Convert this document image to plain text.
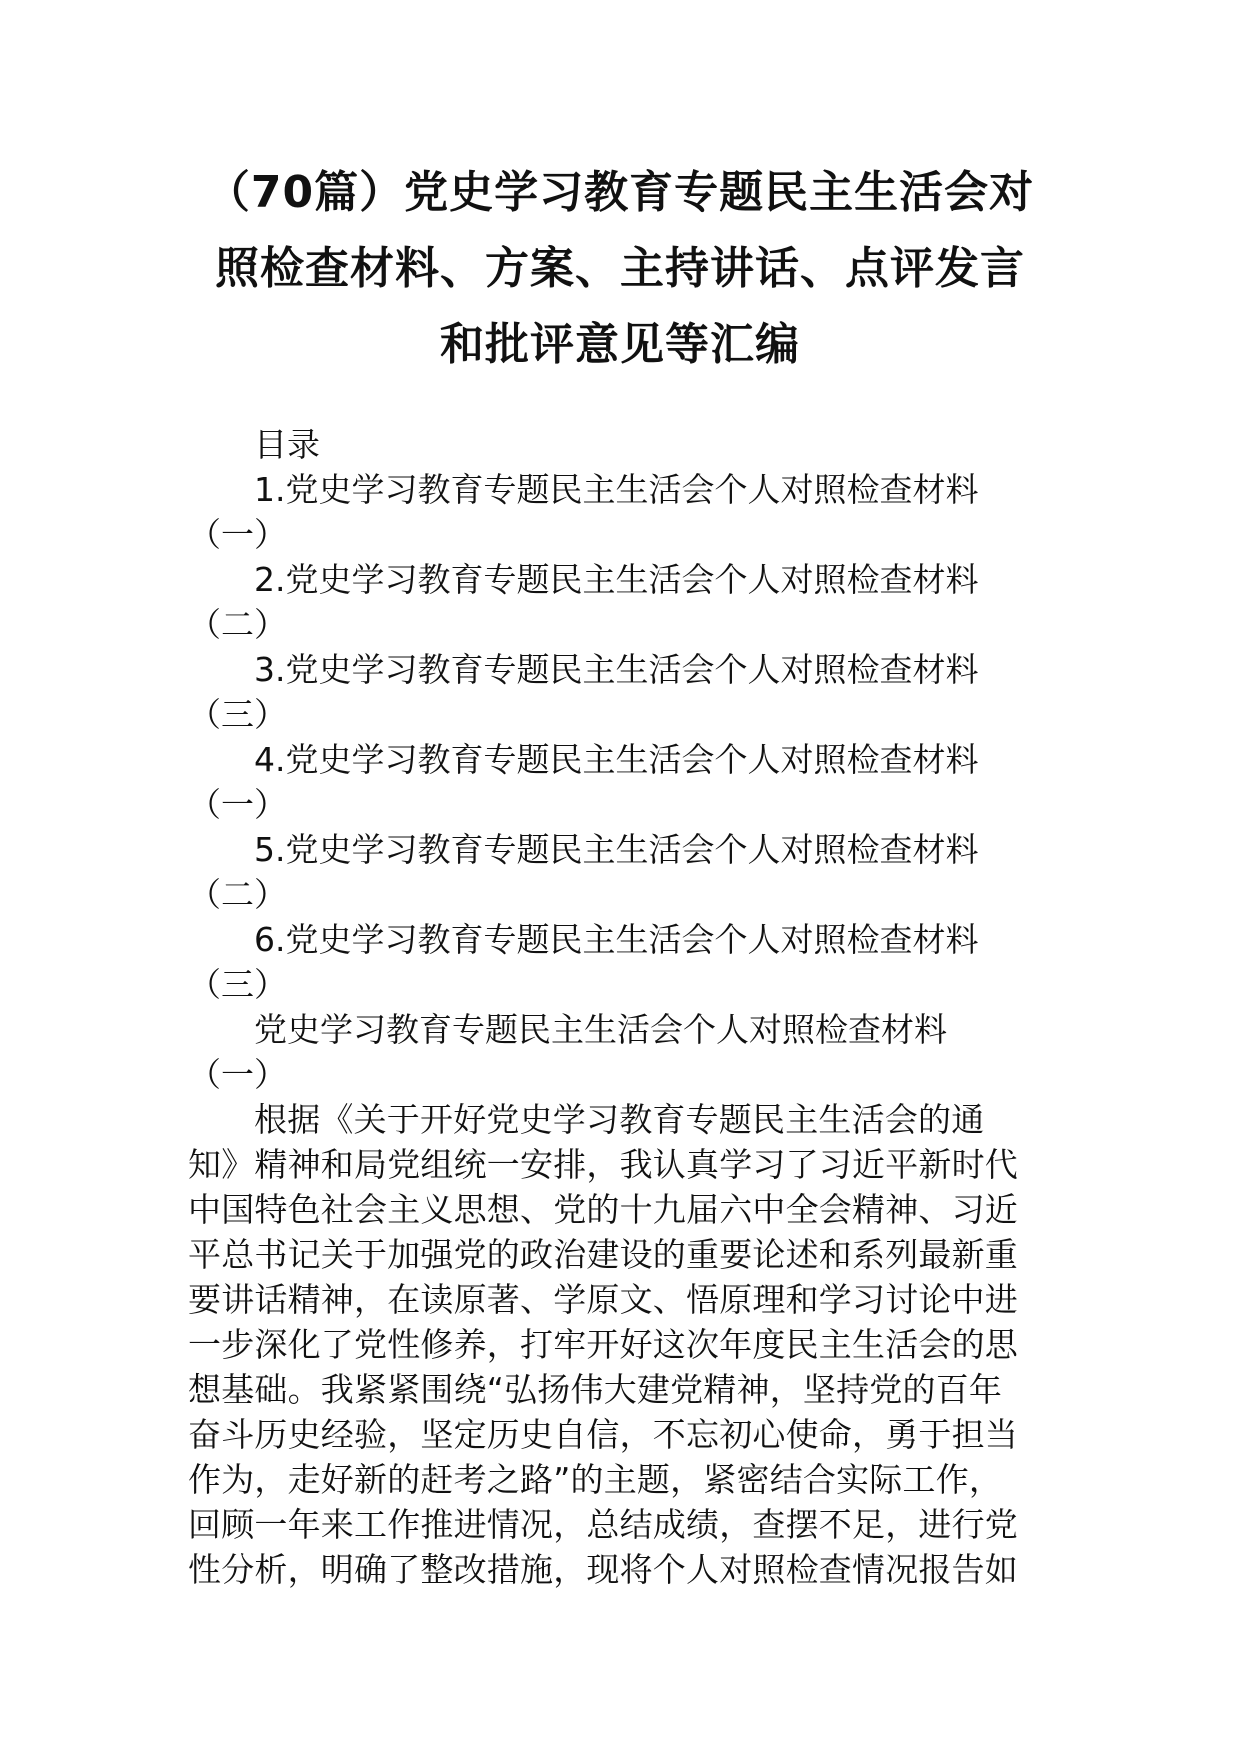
（70篇）党史学习教育专题民主生活会对

照检查材料、方案、主持讲话、点评发言

和批评意见等汇编

目录
1.党史学习教育专题民主生活会个人对照检查材料
（一）
2.党史学习教育专题民主生活会个人对照检查材料
（二）
3.党史学习教育专题民主生活会个人对照检查材料
（三）
4.党史学习教育专题民主生活会个人对照检查材料
（一）
5.党史学习教育专题民主生活会个人对照检查材料
（二）
6.党史学习教育专题民主生活会个人对照检查材料
（三）
党史学习教育专题民主生活会个人对照检查材料
（一）
根据《关于开好党史学习教育专题民主生活会的通
知》精神和局党组统一安排，我认真学习了习近平新时代
中国特色社会主义思想、党的十九届六中全会精神、习近
平总书记关于加强党的政治建设的重要论述和系列最新重
要讲话精神，在读原著、学原文、悟原理和学习讨论中进
一步深化了党性修养，打牢开好这次年度民主生活会的思
想基础。我紧紧围绕“弘扬伟大建党精神，坚持党的百年
奋斗历史经验，坚定历史自信，不忘初心使命，勇于担当
作为，走好新的赶考之路”的主题，紧密结合实际工作，
回顾一年来工作推进情况，总结成绩，查摆不足，进行党
性分析，明确了整改措施，现将个人对照检查情况报告如
